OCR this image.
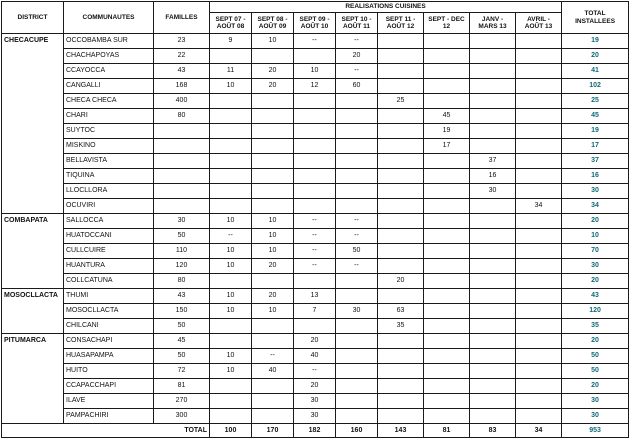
DISTRICT	COMMUNAUTES	FAMILLES	REALISATIONS CUISINES								TOTAL INSTALLEES
			SEPT 07 - AOÛT 08	SEPT 08 - AOÛT 09	SEPT 09 - AOÛT 10	SEPT 10 - AOÛT 11	SEPT 11 - AOÛT 12	SEPT - DEC 12	JANV - MARS 13	AVRIL - AOÛT 13	
CHECACUPE	OCCOBAMBA SUR	23	9	10	--	--					19
	CHACHAPOYAS	22				20					20
	CCAYOCCA	43	11	20	10	--					41
	CANGALLI	168	10	20	12	60					102
	CHECA CHECA	400					25				25
	CHARI	80						45			45
	SUYTOC							19			19
	MISKINO							17			17
	BELLAVISTA								37		37
	TIQUINA								16		16
	LLOCLLORA								30		30
	OCUVIRI									34	34
COMBAPATA	SALLOCCA	30	10	10	--	--					20
	HUATOCCANI	50	--	10	--	--					10
	CULLCUIRE	110	10	10	--	50					70
	HUANTURA	120	10	20	--	--					30
	COLLCATUNA	80					20				20
MOSOCLLACTA	THUMI	43	10	20	13						43
	MOSOCLLACTA	150	10	10	7	30	63				120
	CHILCANI	50					35				35
PITUMARCA	CONSACHAPI	45			20						20
	HUASAPAMPA	50	10	--	40						50
	HUITO	72	10	40	--						50
	CCAPACCHAPI	81			20						20
	ILAVE	270			30						30
	PAMPACHIRI	300			30						30
TOTAL			100	170	182	160	143	81	83	34	953
